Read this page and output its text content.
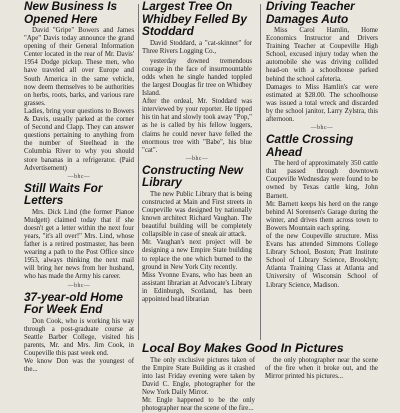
New Business Is Opened Here

David "Gripe" Bowers and James "Ape" Davis today announce the grand opening of their General Information Center located in the rear of Mr. Davis' 1954 Dodge pickup. These men, who have traveled all over Europe and South America in the same vehicle, now deem themselves to be authorities on herbs, roots, barks, and various rare grasses.
Ladies, bring your questions to Bowers & Davis, usually parked at the corner of Second and Clapp. They can answer questions pertaining to anything from the number of Steelhead in the Columbia River to why you should store bananas in a refrigerator. (Paid Advertisement)

—bhc—
Still Waits For Letters

Mrs. Dick Lind (the former Pianoe Mudgett) claimed today that if she doesn't get a letter within the next four years, "it's all over!" Mrs. Lind, whose father is a retired postmaster, has been wearing a path to the Post Office since 1953, always thinking the next mail will bring her news from her husband, who has made the Army his career.

—bhc—
37-year-old Home For Week End

Don Cook, who is working his way through a post-graduate course at Seattle Barber College, visited his parents, Mr. and Mrs. Jim Cook, in Coupeville this past week end.
We know Don was the youngest of the...

Largest Tree On Whidbey Felled By Stoddard

David Stoddard, a "cat-skinner" for Three Rivers Logging Co.,

yesterday downed tremendous courage in the face of insurmountable odds when he single handed toppled the largest Douglas fir tree on Whidbey Island.
After the ordeal, Mr. Stoddard was interviewed by your reporter. He tipped his tin hat and slowly took away "Pop," as he is called by his fellow loggers, claims he could never have felled the enormous tree with "Babe", his blue "cat".

—bhc—
Constructing New Library

The new Public Library that is being constructed at Main and First streets in Coupeville was designed by nationally known architect Richard Vaughan. The beautiful building will be completely collapsible in case of sneak air attack.
Mr. Vaughan's next project will be designing a new Empire State building to replace the one which burned to the ground in New York City recently.
Miss Yvonne Evans, who has been an assistant librarian at Advocate's Library in Edinburgh, Scotland, has been appointed head librarian

Driving Teacher Damages Auto

Miss Carol Hamlin, Home Economics Instructor and Drivers Training Teacher at Coupeville High School, excused injury today when the automobile she was driving collided head-on with a schoolhouse parked behind the school cafeteria.
Damages to Miss Hamlin's car were estimated at $28.00. The schoolhouse was issued a total wreck and discarded by the school janitor, Larry Zylstra, this afternoon.

—bhc—
Cattle Crossing Ahead

The herd of approximately 350 cattle that passed through downtown Coupeville Wednesday were found to be owned by Texas cattle king, John Barnett.
Mr. Barnett keeps his herd on the range behind Al Sorensen's Garage during the winter, and drives them across town to Bowers Mountain each spring.
of the new Coupeville structure. Miss Evans has attended Simmons College Library School, Boston; Pratt Institute School of Library Science, Brooklyn; Atlanta Training Class at Atlanta and University of Wisconsin School of Library Science, Madison.

Local Boy Makes Good In Pictures

The only exclusive pictures taken of the Empire State Building as it crashed into last Friday evening were taken by David C. Engle, photographer for the New York Daily Mirror.
Mr. Engle happened to be the only photographer near the scene of the fire...

the only photographer near the scene of the fire when it broke out, and the Mirror printed his pictures...
